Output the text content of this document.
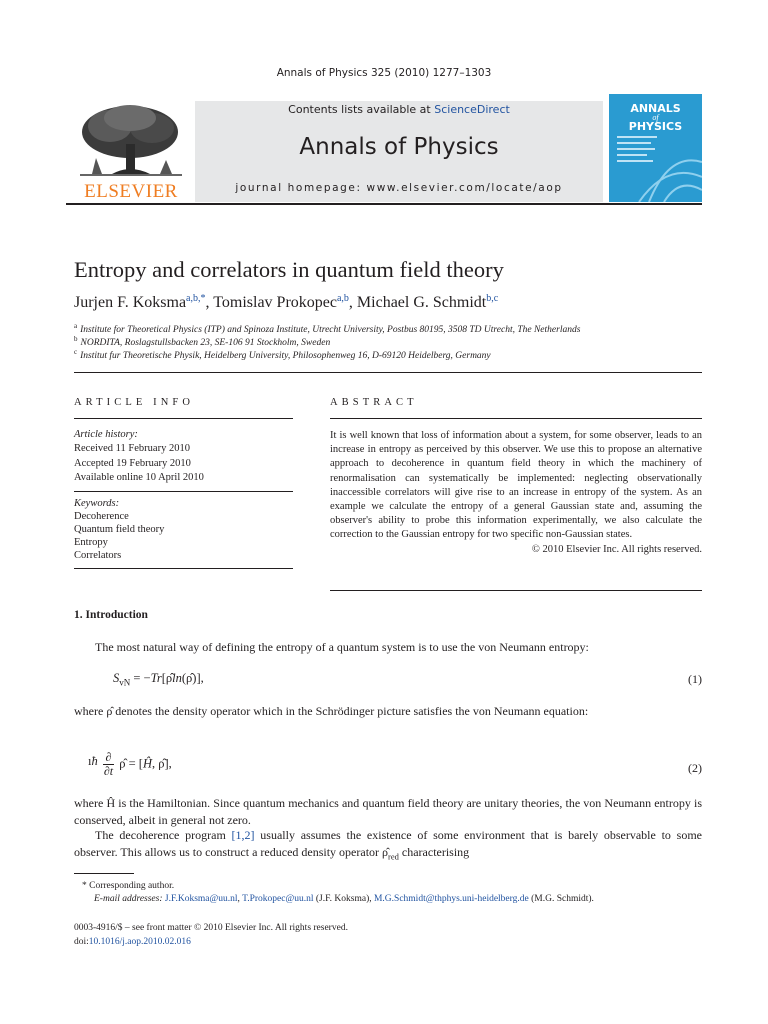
Annals of Physics 325 (2010) 1277–1303
ELSEVIER
Contents lists available at ScienceDirect
Annals of Physics
journal homepage: www.elsevier.com/locate/aop
ANNALS
of
PHYSICS
Entropy and correlators in quantum field theory
Jurjen F. Koksma$^{a,b,*}$, Tomislav Prokopec$^{a,b}$, Michael G. Schmidt$^{b,c}$
$^a$ Institute for Theoretical Physics (ITP) and Spinoza Institute, Utrecht University, Postbus 80195, 3508 TD Utrecht, The Netherlands
$^b$ NORDITA, Roslagstullsbacken 23, SE-106 91 Stockholm, Sweden
$^c$ Institut fur Theoretische Physik, Heidelberg University, Philosophenweg 16, D-69120 Heidelberg, Germany
ARTICLE INFO	ABSTRACT
Article history:
Received 11 February 2010
Accepted 19 February 2010
Available online 10 April 2010
Keywords:
Decoherence
Quantum field theory
Entropy
Correlators
It is well known that loss of information about a system, for some observer, leads to an increase in entropy as perceived by this observer. We use this to propose an alternative approach to decoherence in quantum field theory in which the machinery of renormalisation can systematically be implemented: neglecting observationally inaccessible correlators will give rise to an increase in entropy of the system. As an example we calculate the entropy of a general Gaussian state and, assuming the observer's ability to probe this information experimentally, we also calculate the correction to the Gaussian entropy for two specific non-Gaussian states.
© 2010 Elsevier Inc. All rights reserved.
1. Introduction
The most natural way of defining the entropy of a quantum system is to use the von Neumann entropy:
$S_{vN}$ = −Tr[ρ̂ln(ρ̂)],	(1)
where ρ̂ denotes the density operator which in the Schrödinger picture satisfies the von Neumann equation:
ıħ ∂

∂t
ρ̂ = [Ĥ, ρ̂],	(2)
where Ĥ is the Hamiltonian. Since quantum mechanics and quantum field theory are unitary theories, the von Neumann entropy is conserved, albeit in general not zero.
The decoherence program [1,2] usually assumes the existence of some environment that is barely observable to some observer. This allows us to construct a reduced density operator $\rhô_{red}$ characterising
* Corresponding author.
E-mail addresses: J.F.Koksma@uu.nl, T.Prokopec@uu.nl (J.F. Koksma), M.G.Schmidt@thphys.uni-heidelberg.de (M.G. Schmidt).
0003-4916/$ – see front matter © 2010 Elsevier Inc. All rights reserved.
doi:10.1016/j.aop.2010.02.016
